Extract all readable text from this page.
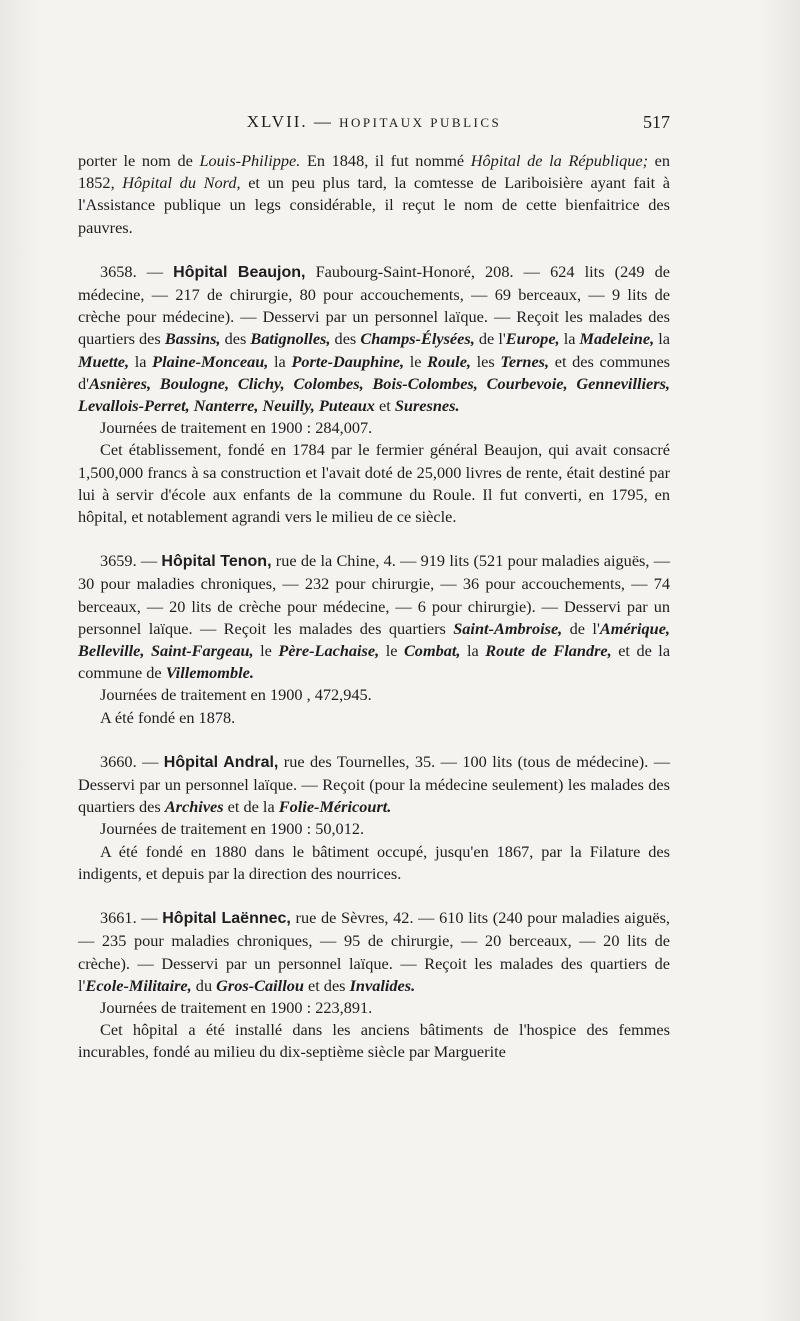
XLVII. — HOPITAUX PUBLICS	517

porter le nom de Louis-Philippe. En 1848, il fut nommé Hôpital de la République; en 1852, Hôpital du Nord, et un peu plus tard, la comtesse de Lariboisière ayant fait à l'Assistance publique un legs considérable, il reçut le nom de cette bienfaitrice des pauvres.

3658. — Hôpital Beaujon, Faubourg-Saint-Honoré, 208. — 624 lits (249 de médecine, — 217 de chirurgie, 80 pour accouchements, — 69 berceaux, — 9 lits de crèche pour médecine). — Desservi par un personnel laïque. — Reçoit les malades des quartiers des Bassins, des Batignolles, des Champs-Élysées, de l'Europe, la Madeleine, la Muette, la Plaine-Monceau, la Porte-Dauphine, le Roule, les Ternes, et des communes d'Asnières, Boulogne, Clichy, Colombes, Bois-Colombes, Courbevoie, Gennevilliers, Levallois-Perret, Nanterre, Neuilly, Puteaux et Suresnes.

Journées de traitement en 1900 : 284,007.

Cet établissement, fondé en 1784 par le fermier général Beaujon, qui avait consacré 1,500,000 francs à sa construction et l'avait doté de 25,000 livres de rente, était destiné par lui à servir d'école aux enfants de la commune du Roule. Il fut converti, en 1795, en hôpital, et notablement agrandi vers le milieu de ce siècle.

3659. — Hôpital Tenon, rue de la Chine, 4. — 919 lits (521 pour maladies aiguës, — 30 pour maladies chroniques, — 232 pour chirurgie, — 36 pour accouchements, — 74 berceaux, — 20 lits de crèche pour médecine, — 6 pour chirurgie). — Desservi par un personnel laïque. — Reçoit les malades des quartiers Saint-Ambroise, de l'Amérique, Belleville, Saint-Fargeau, le Père-Lachaise, le Combat, la Route de Flandre, et de la commune de Villemomble.

Journées de traitement en 1900 , 472,945.

A été fondé en 1878.

3660. — Hôpital Andral, rue des Tournelles, 35. — 100 lits (tous de médecine). — Desservi par un personnel laïque. — Reçoit (pour la médecine seulement) les malades des quartiers des Archives et de la Folie-Méricourt.

Journées de traitement en 1900 : 50,012.

A été fondé en 1880 dans le bâtiment occupé, jusqu'en 1867, par la Filature des indigents, et depuis par la direction des nourrices.

3661. — Hôpital Laënnec, rue de Sèvres, 42. — 610 lits (240 pour maladies aiguës, — 235 pour maladies chroniques, — 95 de chirurgie, — 20 berceaux, — 20 lits de crèche). — Desservi par un personnel laïque. — Reçoit les malades des quartiers de l'Ecole-Militaire, du Gros-Caillou et des Invalides.

Journées de traitement en 1900 : 223,891.

Cet hôpital a été installé dans les anciens bâtiments de l'hospice des femmes incurables, fondé au milieu du dix-septième siècle par Marguerite
